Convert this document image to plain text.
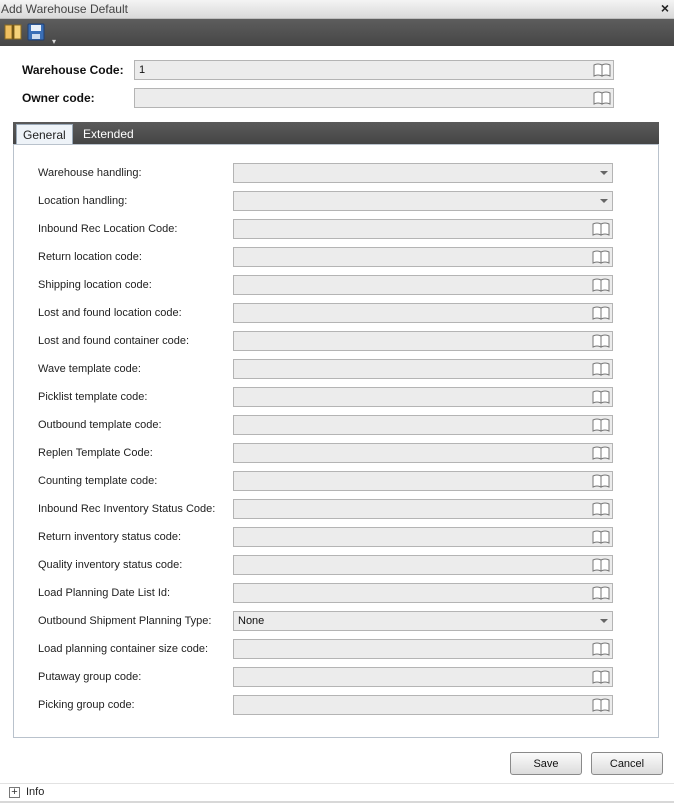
Add Warehouse Default	×
▾
Warehouse Code: 1
Owner code:
General	Extended
Warehouse handling:
Location handling:
Inbound Rec Location Code:
Return location code:
Shipping location code:
Lost and found location code:
Lost and found container code:
Wave template code:
Picklist template code:
Outbound template code:
Replen Template Code:
Counting template code:
Inbound Rec Inventory Status Code:
Return inventory status code:
Quality inventory status code:
Load Planning Date List Id:
Outbound Shipment Planning Type: None
Load planning container size code:
Putaway group code:
Picking group code:
Save	Cancel
+ Info
